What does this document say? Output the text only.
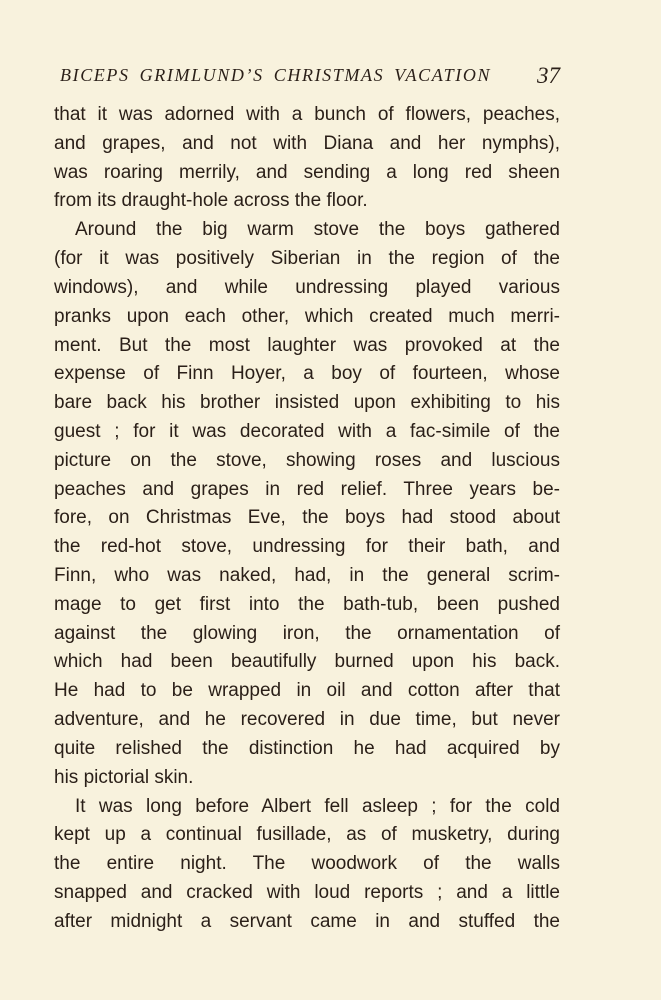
BICEPS GRIMLUND’S CHRISTMAS VACATION 37
that it was adorned with a bunch of flowers, peaches,
and grapes, and not with Diana and her nymphs),
was roaring merrily, and sending a long red sheen
from its draught-hole across the floor.
Around the big warm stove the boys gathered
(for it was positively Siberian in the region of the
windows), and while undressing played various
pranks upon each other, which created much merri-
ment. But the most laughter was provoked at the
expense of Finn Hoyer, a boy of fourteen, whose
bare back his brother insisted upon exhibiting to his
guest ; for it was decorated with a fac-simile of the
picture on the stove, showing roses and luscious
peaches and grapes in red relief. Three years be-
fore, on Christmas Eve, the boys had stood about
the red-hot stove, undressing for their bath, and
Finn, who was naked, had, in the general scrim-
mage to get first into the bath-tub, been pushed
against the glowing iron, the ornamentation of
which had been beautifully burned upon his back.
He had to be wrapped in oil and cotton after that
adventure, and he recovered in due time, but never
quite relished the distinction he had acquired by
his pictorial skin.
It was long before Albert fell asleep ; for the cold
kept up a continual fusillade, as of musketry, during
the entire night. The woodwork of the walls
snapped and cracked with loud reports ; and a little
after midnight a servant came in and stuffed the
